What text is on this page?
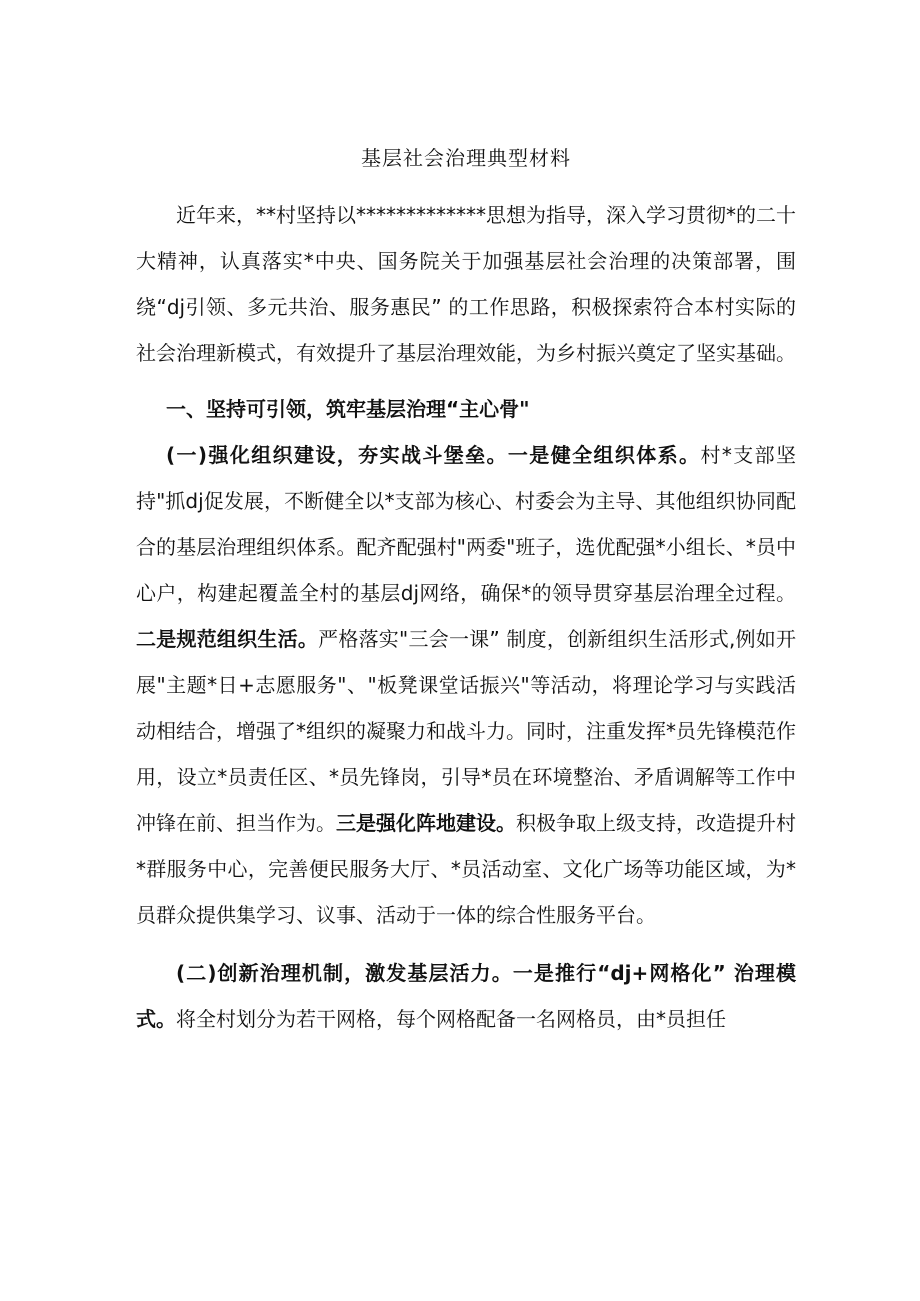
基层社会治理典型材料

近年来，**村坚持以*************思想为指导，深入学习贯彻*的二十大精神，认真落实*中央、国务院关于加强基层社会治理的决策部署，围绕“dj引领、多元共治、服务惠民” 的工作思路，积极探索符合本村实际的社会治理新模式，有效提升了基层治理效能，为乡村振兴奠定了坚实基础。

一、坚持可引领，筑牢基层治理“主心骨"

(一)强化组织建设，夯实战斗堡垒。一是健全组织体系。村*支部坚持"抓dj促发展，不断健全以*支部为核心、村委会为主导、其他组织协同配合的基层治理组织体系。配齐配强村"两委"班子，选优配强*小组长、*员中心户，构建起覆盖全村的基层dj网络，确保*的领导贯穿基层治理全过程。二是规范组织生活。严格落实"三会一课” 制度，创新组织生活形式,例如开展"主题*日+志愿服务"、"板凳课堂话振兴"等活动，将理论学习与实践活动相结合，增强了*组织的凝聚力和战斗力。同时，注重发挥*员先锋模范作用，设立*员责任区、*员先锋岗，引导*员在环境整治、矛盾调解等工作中冲锋在前、担当作为。三是强化阵地建设。积极争取上级支持，改造提升村*群服务中心，完善便民服务大厅、*员活动室、文化广场等功能区域，为*员群众提供集学习、议事、活动于一体的综合性服务平台。

(二)创新治理机制，激发基层活力。一是推行“dj+网格化” 治理模式。将全村划分为若干网格，每个网格配备一名网格员，由*员担任
